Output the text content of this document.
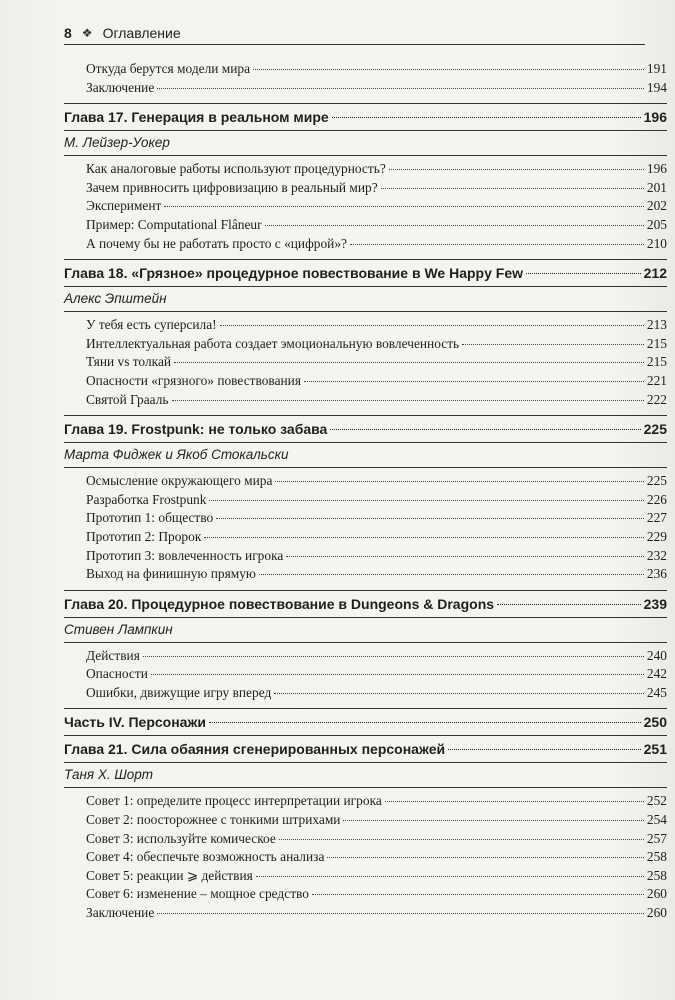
8 ❖ Оглавление
Откуда берутся модели мира	191
Заключение	194
Глава 17. Генерация в реальном мире	196
М. Лейзер-Уокер
Как аналоговые работы используют процедурность?	196
Зачем привносить цифровизацию в реальный мир?	201
Эксперимент	202
Пример: Computational Flâneur	205
А почему бы не работать просто с «цифрой»?	210
Глава 18. «Грязное» процедурное повествование в We Happy Few	212
Алекс Эпштейн
У тебя есть суперсила!	213
Интеллектуальная работа создает эмоциональную вовлеченность	215
Тяни vs толкай	215
Опасности «грязного» повествования	221
Святой Грааль	222
Глава 19. Frostpunk: не только забава	225
Марта Фиджек и Якоб Стокальски
Осмысление окружающего мира	225
Разработка Frostpunk	226
Прототип 1: общество	227
Прототип 2: Пророк	229
Прототип 3: вовлеченность игрока	232
Выход на финишную прямую	236
Глава 20. Процедурное повествование в Dungeons & Dragons	239
Стивен Лампкин
Действия	240
Опасности	242
Ошибки, движущие игру вперед	245
Часть IV. Персонажи	250
Глава 21. Сила обаяния сгенерированных персонажей	251
Таня Х. Шорт
Совет 1: определите процесс интерпретации игрока	252
Совет 2: поосторожнее с тонкими штрихами	254
Совет 3: используйте комическое	257
Совет 4: обеспечьте возможность анализа	258
Совет 5: реакции ⩾ действия	258
Совет 6: изменение – мощное средство	260
Заключение	260
